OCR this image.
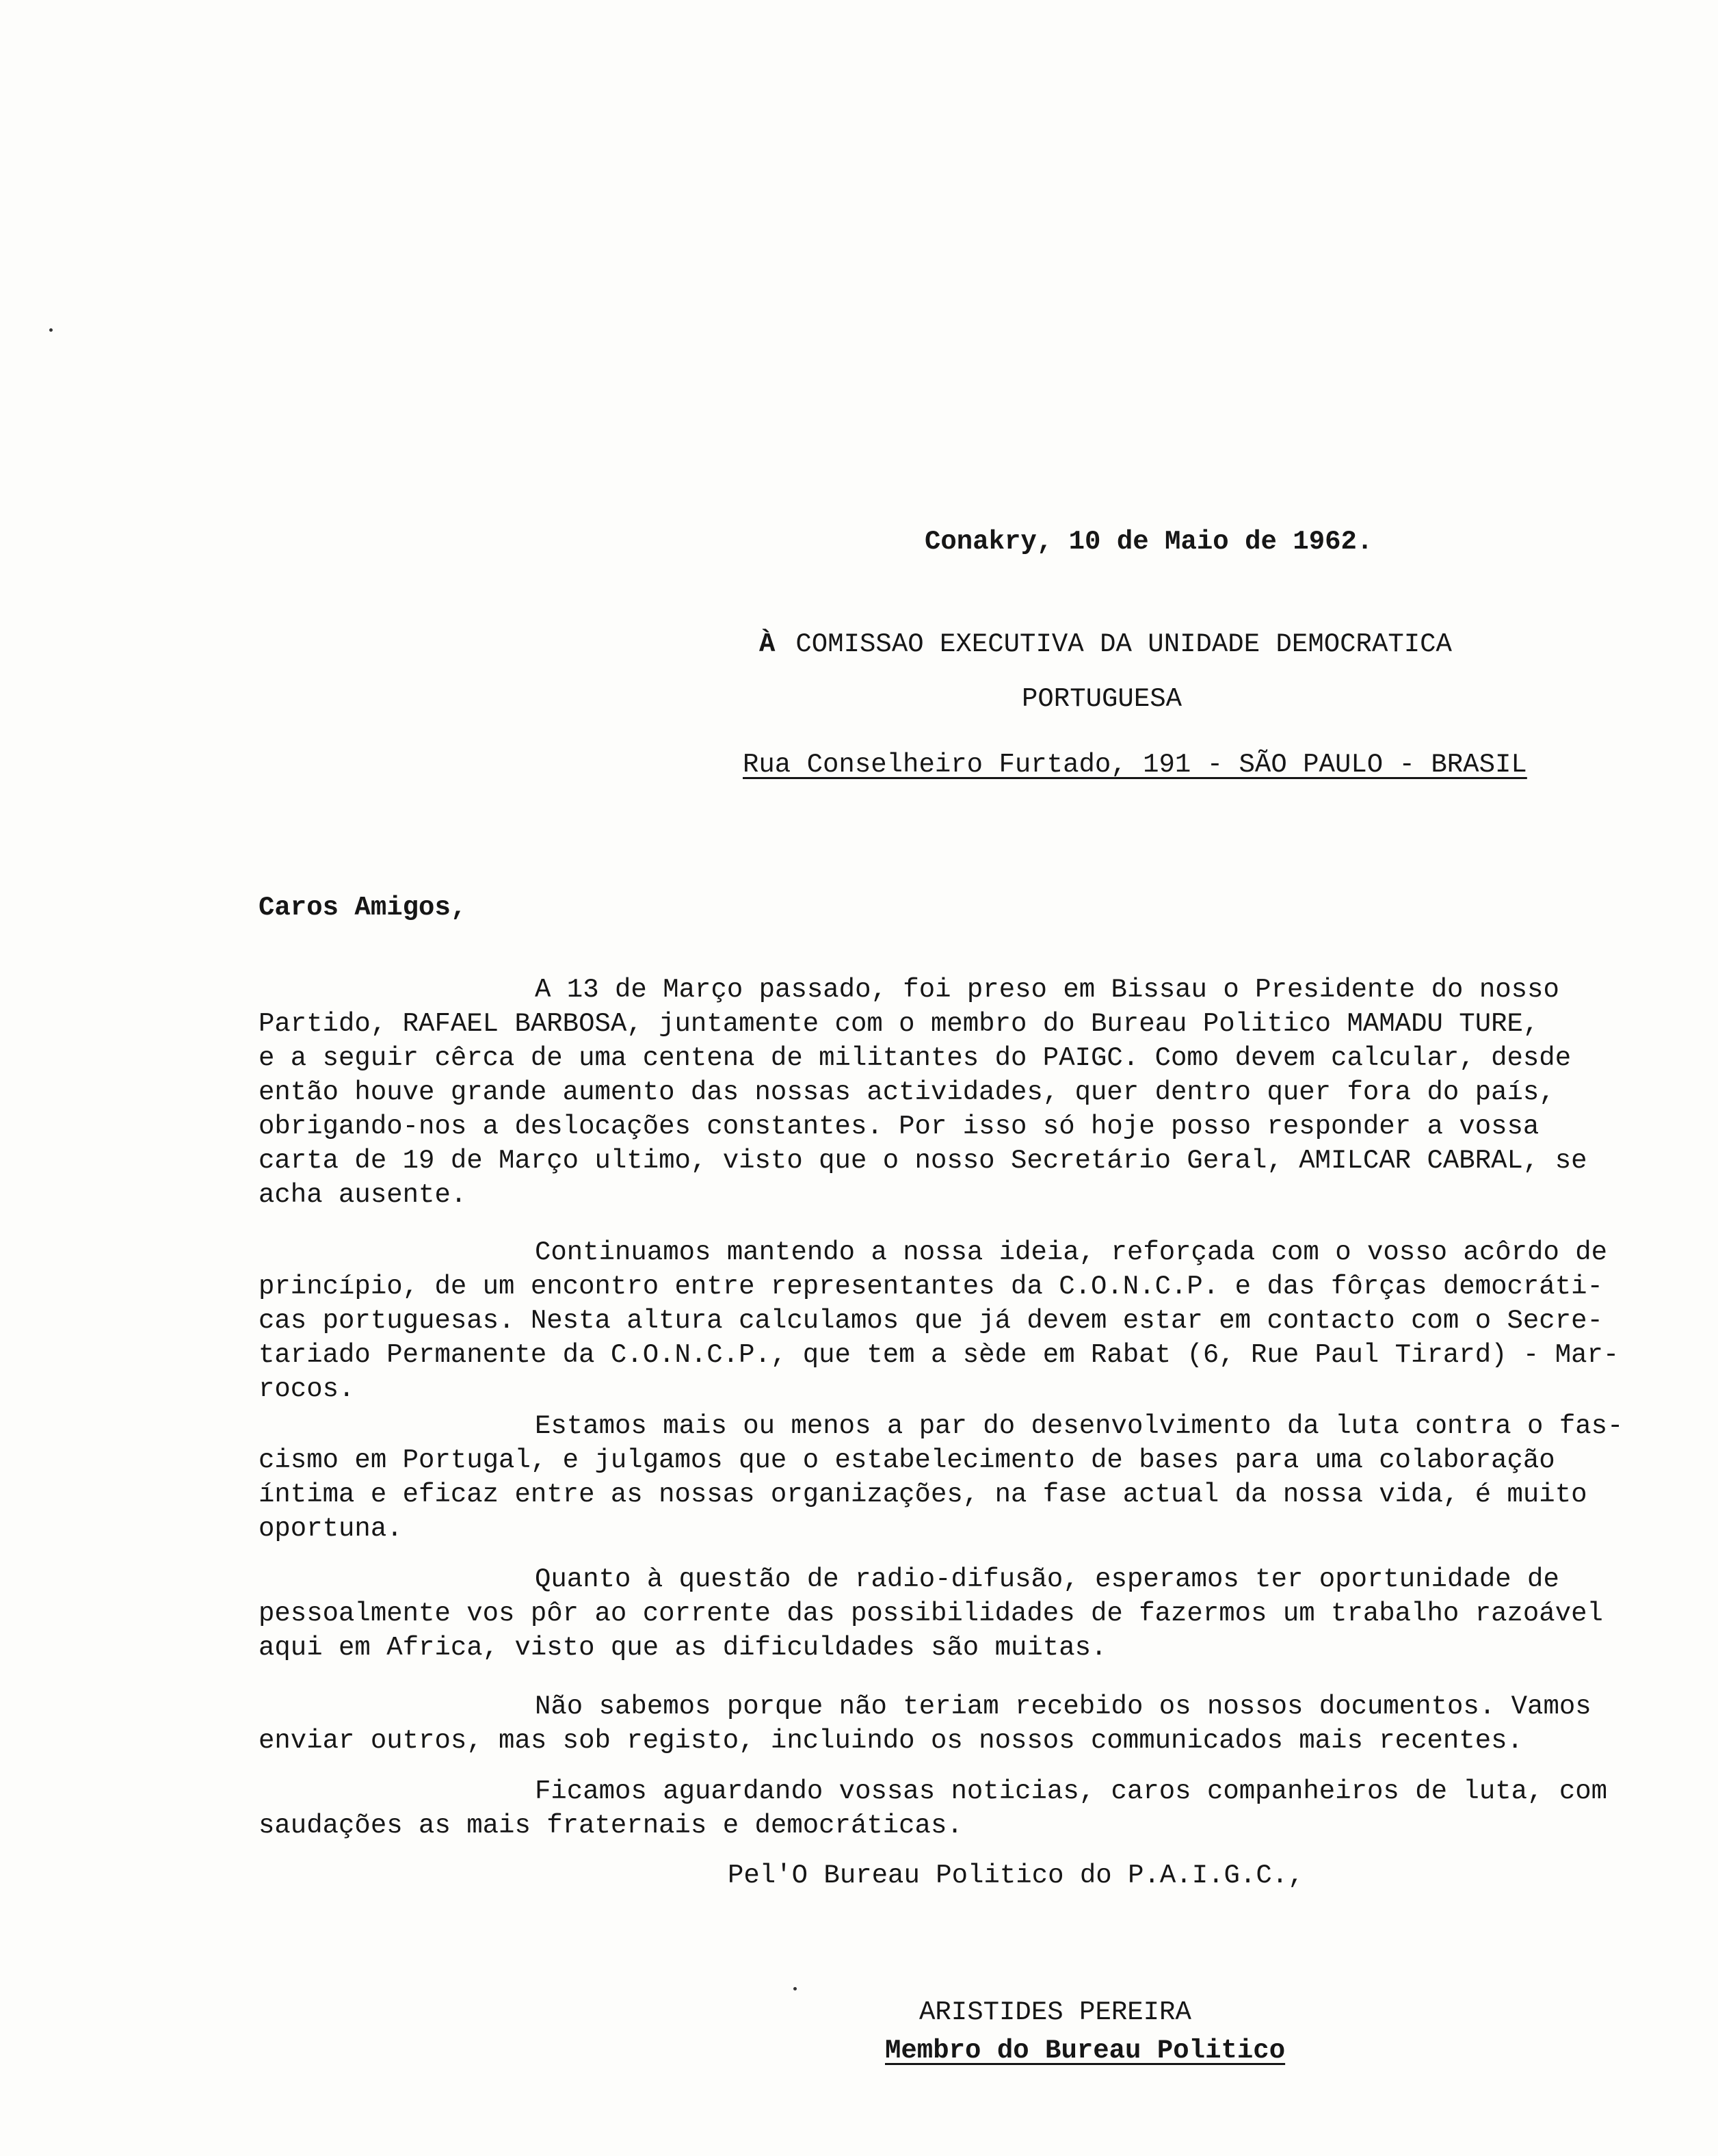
Conakry, 10 de Maio de 1962.
À COMISSAO EXECUTIVA DA UNIDADE DEMOCRATICA
PORTUGUESA
Rua Conselheiro Furtado, 191 - SÃO PAULO - BRASIL
Caros Amigos,
A 13 de Março passado, foi preso em Bissau o Presidente do nosso
Partido, RAFAEL BARBOSA, juntamente com o membro do Bureau Politico MAMADU TURE,
e a seguir cêrca de uma centena de militantes do PAIGC. Como devem calcular, desde
então houve grande aumento das nossas actividades, quer dentro quer fora do país,
obrigando-nos a deslocações constantes. Por isso só hoje posso responder a vossa
carta de 19 de Março ultimo, visto que o nosso Secretário Geral, AMILCAR CABRAL, se
acha ausente.
Continuamos mantendo a nossa ideia, reforçada com o vosso acôrdo de
princípio, de um encontro entre representantes da C.O.N.C.P. e das fôrças democráti-
cas portuguesas. Nesta altura calculamos que já devem estar em contacto com o Secre-
tariado Permanente da C.O.N.C.P., que tem a sède em Rabat (6, Rue Paul Tirard) - Mar-
rocos.
Estamos mais ou menos a par do desenvolvimento da luta contra o fas-
cismo em Portugal, e julgamos que o estabelecimento de bases para uma colaboração
íntima e eficaz entre as nossas organizações, na fase actual da nossa vida, é muito
oportuna.
Quanto à questão de radio-difusão, esperamos ter oportunidade de
pessoalmente vos pôr ao corrente das possibilidades de fazermos um trabalho razoável
aqui em Africa, visto que as dificuldades são muitas.
Não sabemos porque não teriam recebido os nossos documentos. Vamos
enviar outros, mas sob registo, incluindo os nossos communicados mais recentes.
Ficamos aguardando vossas noticias, caros companheiros de luta, com
saudações as mais fraternais e democráticas.
Pel'O Bureau Politico do P.A.I.G.C.,
ARISTIDES PEREIRA
Membro do Bureau Politico
